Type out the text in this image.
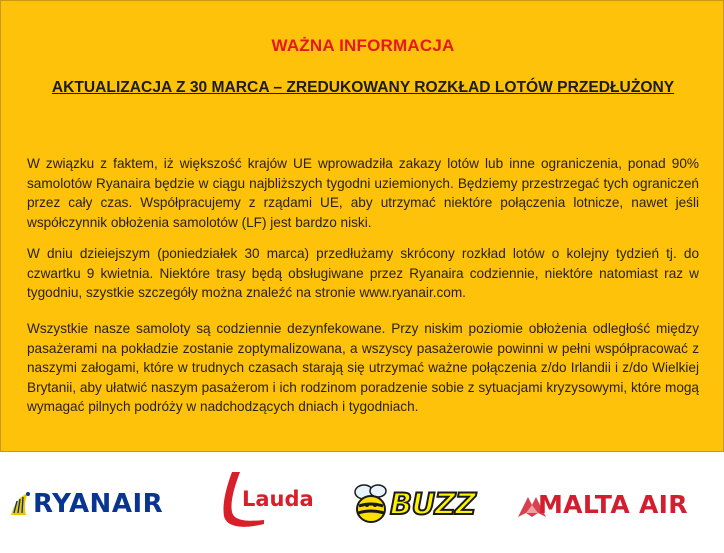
WAŻNA INFORMACJA
AKTUALIZACJA Z 30 MARCA – ZREDUKOWANY ROZKŁAD LOTÓW PRZEDŁUŻONY

W związku z faktem, iż większość krajów UE wprowadziła zakazy lotów lub inne ograniczenia, ponad 90% samolotów Ryanaira będzie w ciągu najbliższych tygodni uziemionych. Będziemy przestrzegać tych ograniczeń przez cały czas. Współpracujemy z rządami UE, aby utrzymać niektóre połączenia lotnicze, nawet jeśli współczynnik obłożenia samolotów (LF) jest bardzo niski.

W dniu dzieiejszym (poniedziałek 30 marca) przedłużamy skrócony rozkład lotów o kolejny tydzień tj. do czwartku 9 kwietnia. Niektóre trasy będą obsługiwane przez Ryanaira codziennie, niektóre natomiast raz w tygodniu, szystkie szczegóły można znaleźć na stronie www.ryanair.com.

Wszystkie nasze samoloty są codziennie dezynfekowane. Przy niskim poziomie obłożenia odległość między pasażerami na pokładzie zostanie zoptymalizowana, a wszyscy pasażerowie powinni w pełni współpracować z naszymi załogami, które w trudnych czasach starają się utrzymać ważne połączenia z/do Irlandii i z/do Wielkiej Brytanii, aby ułatwić naszym pasażerom i ich rodzinom poradzenie sobie z sytuacjami kryzysowymi, które mogą wymagać pilnych podróży w nadchodzących dniach i tygodniach.

RYANAIR	Lauda	BUZZ MALTA AIR
